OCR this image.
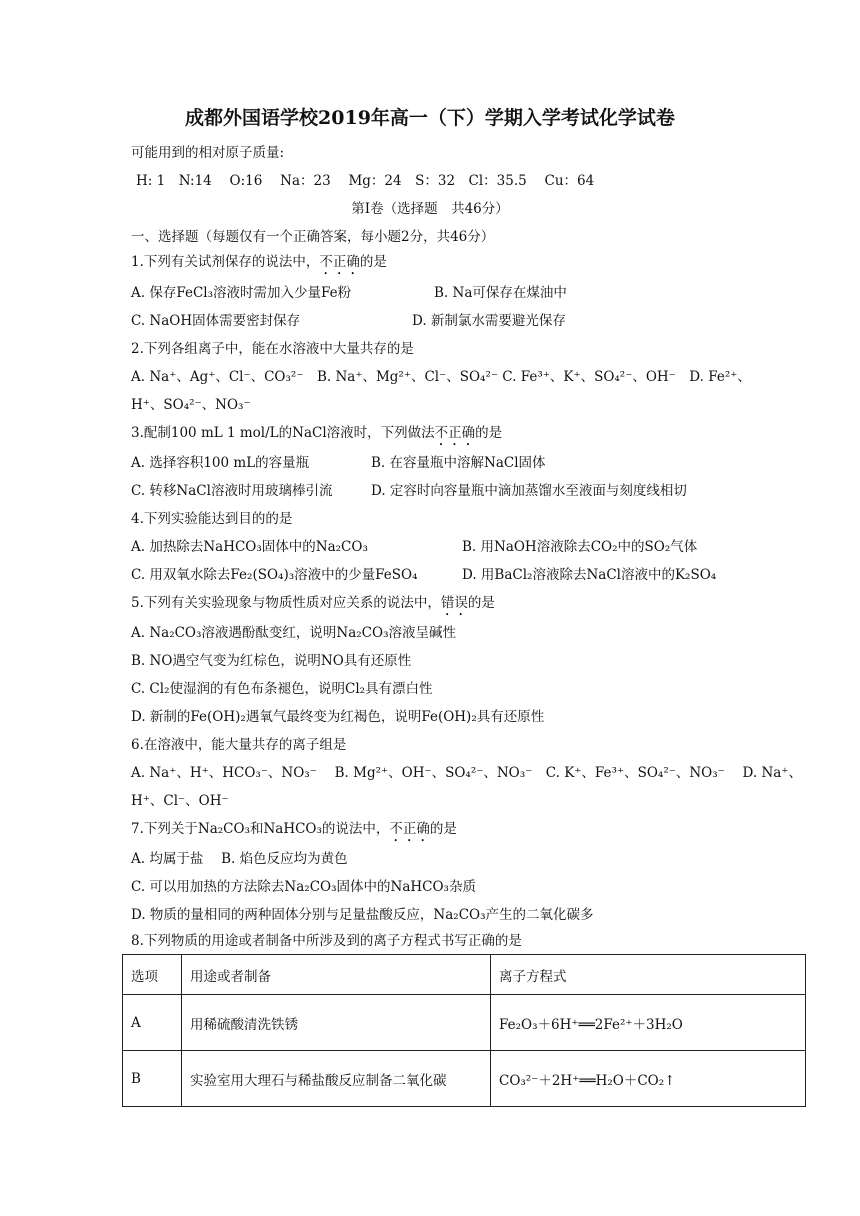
成都外国语学校2019年高一（下）学期入学考试化学试卷
可能用到的相对原子质量:
H: 1　N:14　 O:16　 Na：23　 Mg：24　S：32　Cl：35.5　 Cu：64
第Ⅰ卷（选择题　共46分）
一、选择题（每题仅有一个正确答案，每小题2分，共46分）
1.下列有关试剂保存的说法中，不正确的是
A. 保存FeCl₃溶液时需加入少量Fe粉	B. Na可保存在煤油中
C. NaOH固体需要密封保存	D. 新制氯水需要避光保存
2.下列各组离子中，能在水溶液中大量共存的是
A. Na⁺、Ag⁺、Cl⁻、CO₃²⁻　B. Na⁺、Mg²⁺、Cl⁻、SO₄²⁻ C. Fe³⁺、K⁺、SO₄²⁻、OH⁻　D. Fe²⁺、
H⁺、SO₄²⁻、NO₃⁻
3.配制100 mL 1 mol/L的NaCl溶液时，下列做法不正确的是
A. 选择容积100 mL的容量瓶	B. 在容量瓶中溶解NaCl固体
C. 转移NaCl溶液时用玻璃棒引流	D. 定容时向容量瓶中滴加蒸馏水至液面与刻度线相切
4.下列实验能达到目的的是
A. 加热除去NaHCO₃固体中的Na₂CO₃	B. 用NaOH溶液除去CO₂中的SO₂气体
C. 用双氧水除去Fe₂(SO₄)₃溶液中的少量FeSO₄	D. 用BaCl₂溶液除去NaCl溶液中的K₂SO₄
5.下列有关实验现象与物质性质对应关系的说法中，错误的是
A. Na₂CO₃溶液遇酚酞变红，说明Na₂CO₃溶液呈碱性
B. NO遇空气变为红棕色，说明NO具有还原性
C. Cl₂使湿润的有色布条褪色，说明Cl₂具有漂白性
D. 新制的Fe(OH)₂遇氧气最终变为红褐色，说明Fe(OH)₂具有还原性
6.在溶液中，能大量共存的离子组是
A. Na⁺、H⁺、HCO₃⁻、NO₃⁻　 B. Mg²⁺、OH⁻、SO₄²⁻、NO₃⁻　C. K⁺、Fe³⁺、SO₄²⁻、NO₃⁻　 D. Na⁺、
H⁺、Cl⁻、OH⁻
7.下列关于Na₂CO₃和NaHCO₃的说法中，不正确的是
A. 均属于盐　 B. 焰色反应均为黄色
C. 可以用加热的方法除去Na₂CO₃固体中的NaHCO₃杂质
D. 物质的量相同的两种固体分别与足量盐酸反应，Na₂CO₃产生的二氧化碳多
8.下列物质的用途或者制备中所涉及到的离子方程式书写正确的是
选项	用途或者制备	离子方程式
A	用稀硫酸清洗铁锈	Fe₂O₃＋6H⁺══2Fe²⁺＋3H₂O
B	实验室用大理石与稀盐酸反应制备二氧化碳	CO₃²⁻＋2H⁺══H₂O＋CO₂↑
